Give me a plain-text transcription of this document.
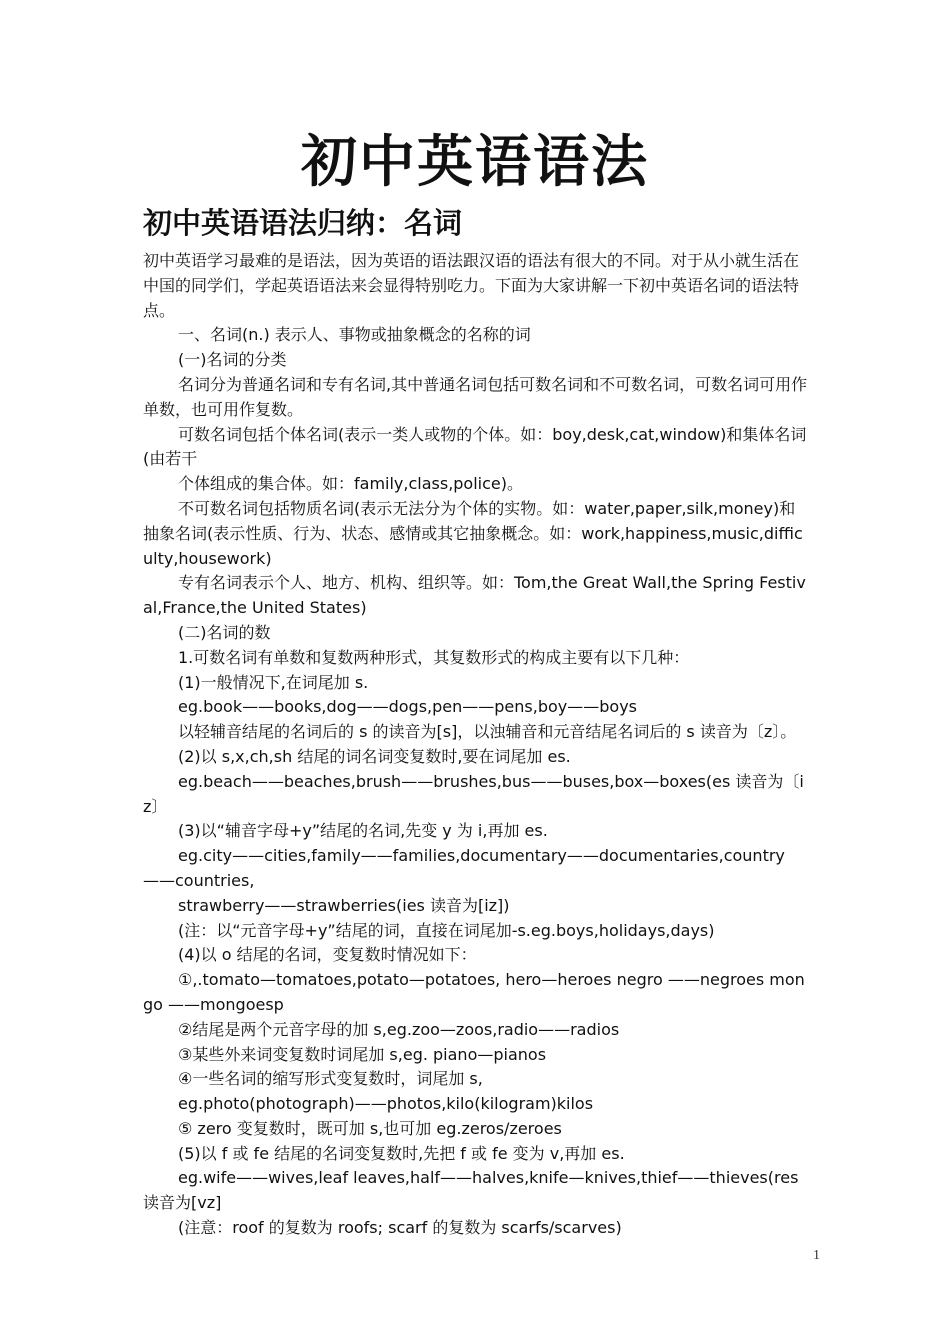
初中英语语法
初中英语语法归纳：名词

初中英语学习最难的是语法，因为英语的语法跟汉语的语法有很大的不同。对于从小就生活在中国的同学们，学起英语语法来会显得特别吃力。下面为大家讲解一下初中英语名词的语法特点。

一、名词(n.) 表示人、事物或抽象概念的名称的词

(一)名词的分类

名词分为普通名词和专有名词,其中普通名词包括可数名词和不可数名词，可数名词可用作单数，也可用作复数。

可数名词包括个体名词(表示一类人或物的个体。如：boy,desk,cat,window)和集体名词(由若干

个体组成的集合体。如：family,class,police)。

不可数名词包括物质名词(表示无法分为个体的实物。如：water,paper,silk,money)和抽象名词(表示性质、行为、状态、感情或其它抽象概念。如：work,happiness,music,difficulty,housework)

专有名词表示个人、地方、机构、组织等。如：Tom,the Great Wall,the Spring Festival,France,the United States)

(二)名词的数

1.可数名词有单数和复数两种形式，其复数形式的构成主要有以下几种：

(1)一般情况下,在词尾加 s.

eg.book——books,dog——dogs,pen——pens,boy——boys

以轻辅音结尾的名词后的 s 的读音为[s]，以浊辅音和元音结尾名词后的 s 读音为〔z〕。

(2)以 s,x,ch,sh 结尾的词名词变复数时,要在词尾加 es.

eg.beach——beaches,brush——brushes,bus——buses,box—boxes(es 读音为〔iz〕

(3)以“辅音字母+y”结尾的名词,先变 y 为 i,再加 es.

eg.city——cities,family——families,documentary——documentaries,country——countries,

strawberry——strawberries(ies 读音为[iz])

(注：以“元音字母+y”结尾的词，直接在词尾加-s.eg.boys,holidays,days)

(4)以 o 结尾的名词，变复数时情况如下：

①,.tomato—tomatoes,potato—potatoes, hero—heroes negro ——negroes mongo ——mongoesp

②结尾是两个元音字母的加 s,eg.zoo—zoos,radio——radios

③某些外来词变复数时词尾加 s,eg. piano—pianos

④一些名词的缩写形式变复数时，词尾加 s,

eg.photo(photograph)——photos,kilo(kilogram)kilos

⑤ zero 变复数时，既可加 s,也可加 eg.zeros/zeroes

(5)以 f 或 fe 结尾的名词变复数时,先把 f 或 fe 变为 v,再加 es.

eg.wife——wives,leaf leaves,half——halves,knife—knives,thief——thieves(res 读音为[vz]

(注意：roof 的复数为 roofs; scarf 的复数为 scarfs/scarves)

1
